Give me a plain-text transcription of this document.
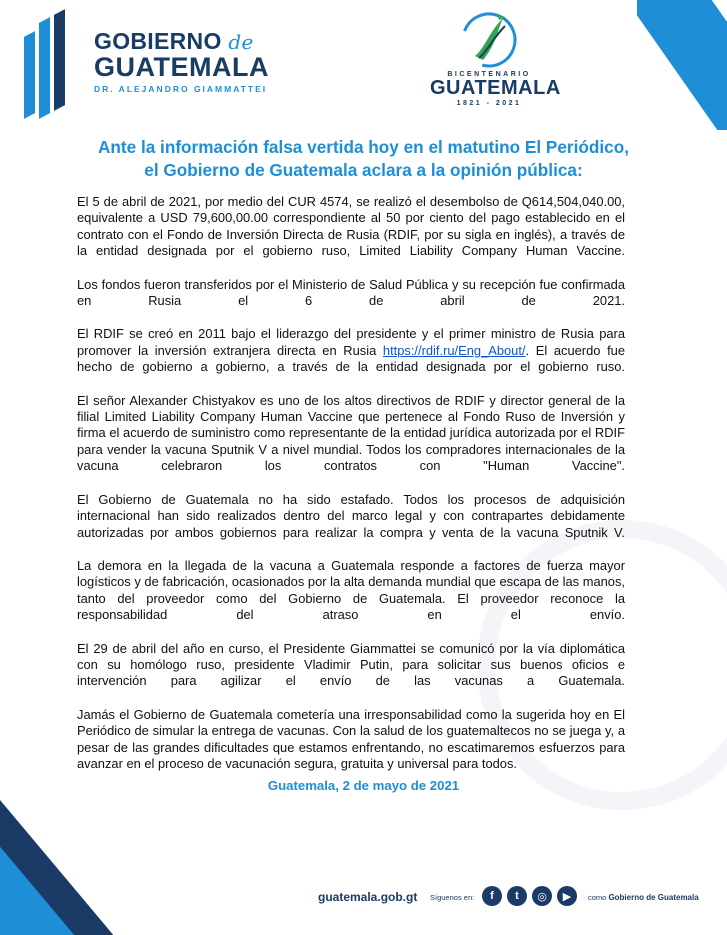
GOBIERNO de
GUATEMALA
DR. ALEJANDRO GIAMMATTEI
BICENTENARIO
GUATEMALA
1821 - 2021
Ante la información falsa vertida hoy en el matutino El Periódico,
el Gobierno de Guatemala aclara a la opinión pública:

El 5 de abril de 2021, por medio del CUR 4574, se realizó el desembolso de Q614,504,040.00, equivalente a USD 79,600,00.00 correspondiente al 50 por ciento del pago establecido en el contrato con el Fondo de Inversión Directa de Rusia (RDIF, por su sigla en inglés), a través de la entidad designada por el gobierno ruso, Limited Liability Company Human Vaccine.

Los fondos fueron transferidos por el Ministerio de Salud Pública y su recepción fue confirmada en Rusia el 6 de abril de 2021.

El RDIF se creó en 2011 bajo el liderazgo del presidente y el primer ministro de Rusia para promover la inversión extranjera directa en Rusia https://rdif.ru/Eng_About/. El acuerdo fue hecho de gobierno a gobierno, a través de la entidad designada por el gobierno ruso.

El señor Alexander Chistyakov es uno de los altos directivos de RDIF y director general de la filial Limited Liability Company Human Vaccine que pertenece al Fondo Ruso de Inversión y firma el acuerdo de suministro como representante de la entidad jurídica autorizada por el RDIF para vender la vacuna Sputnik V a nivel mundial. Todos los compradores internacionales de la vacuna celebraron los contratos con "Human Vaccine".

El Gobierno de Guatemala no ha sido estafado. Todos los procesos de adquisición internacional han sido realizados dentro del marco legal y con contrapartes debidamente autorizadas por ambos gobiernos para realizar la compra y venta de la vacuna Sputnik V.

La demora en la llegada de la vacuna a Guatemala responde a factores de fuerza mayor logísticos y de fabricación, ocasionados por la alta demanda mundial que escapa de las manos, tanto del proveedor como del Gobierno de Guatemala. El proveedor reconoce la responsabilidad del atraso en el envío.

El 29 de abril del año en curso, el Presidente Giammattei se comunicó por la vía diplomática con su homólogo ruso, presidente Vladimir Putin, para solicitar sus buenos oficios e intervención para agilizar el envío de las vacunas a Guatemala.

Jamás el Gobierno de Guatemala cometería una irresponsabilidad como la sugerida hoy en El Periódico de simular la entrega de vacunas. Con la salud de los guatemaltecos no se juega y, a pesar de las grandes dificultades que estamos enfrentando, no escatimaremos esfuerzos para avanzar en el proceso de vacunación segura, gratuita y universal para todos.

Guatemala, 2 de mayo de 2021
guatemala.gob.gt Síguenos en:	f	t	◎	▶	como Gobierno de Guatemala
